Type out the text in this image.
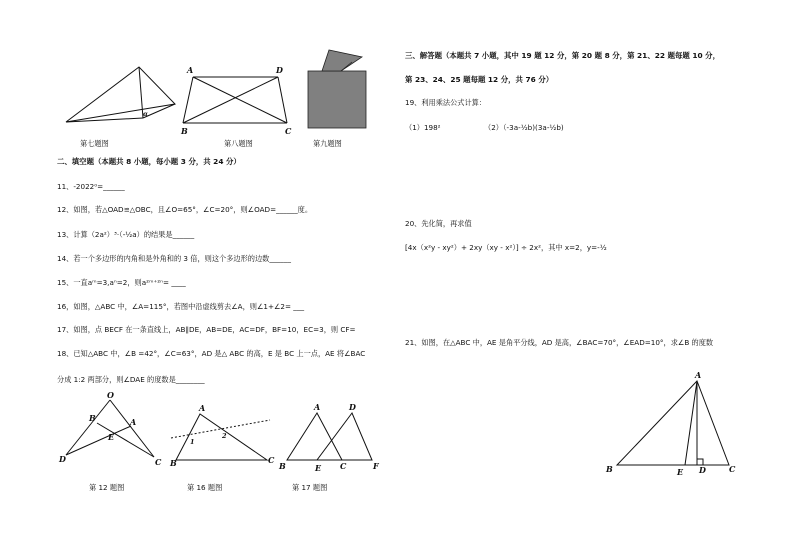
α
A	D
B	C
第七题图	第八题图	第九题图
二、填空题（本题共 8 小题，每小题 3 分，共 24 分）
11、-2022⁰=______
12、如图，若△OAD≌△OBC，且∠O=65°，∠C=20°，则∠OAD=______度。
13、计算（2a²）³·（-½a）的结果是______
14、若一个多边形的内角和是外角和的 3 倍，则这个多边形的边数______
15、一直aᵐ=3,aⁿ=2，则a²ᵐ⁺²ⁿ= ____
16，如图，△ABC 中，∠A=115°，若图中沿虚线剪去∠A，则∠1+∠2= ___
17、如图，点 BECF 在一条直线上，AB∥DE，AB=DE，AC=DF，BF=10，EC=3，则 CF=
18、已知△ABC 中，∠B =42°，∠C=63°，AD 是△ ABC 的高，E 是 BC 上一点，AE 将∠BAC
分成 1:2 两部分，则∠DAE 的度数是________
O
B	A
E
D	C
A
1
2
B	C
A	D
B	E C	F
第 12 题图	第 16 题图	第 17 题图
三、解答题（本题共 7 小题，其中 19 题 12 分，第 20 题 8 分，第 21、22 题每题 10 分，
第 23、24、25 题每题 12 分，共 76 分）
19、利用乘法公式计算：
（1）198²	（2）（-3a-½b)(3a-½b)
20、先化简，再求值
[4x（x²y - xy²）+ 2xy（xy - x²）] ÷ 2x²，其中 x=2，y=-½
21、如图，在△ABC 中，AE 是角平分线，AD 是高，∠BAC=70°，∠EAD=10°，求∠B 的度数
A
B	E D	C
